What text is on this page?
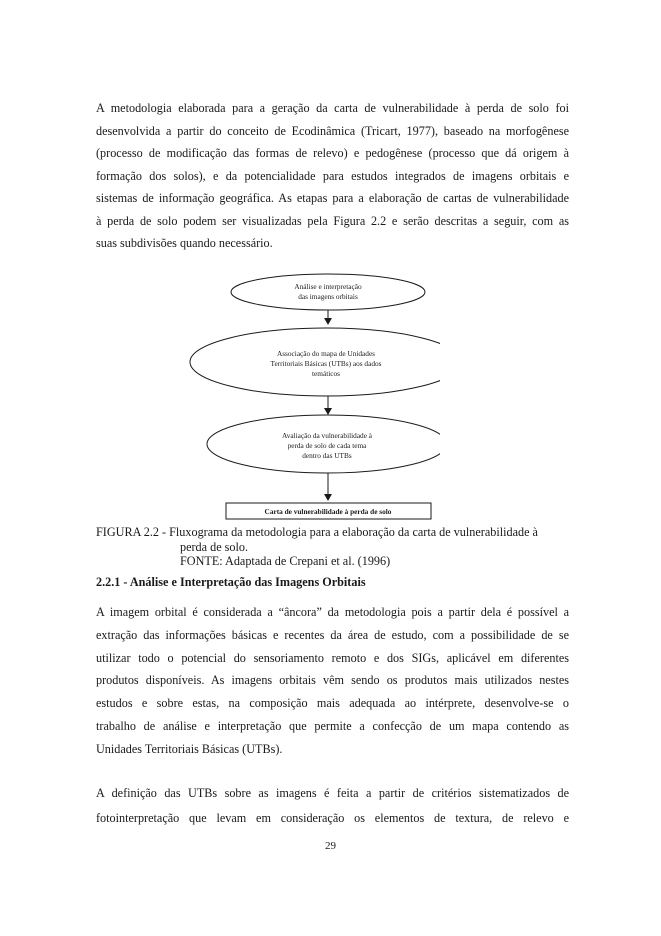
A metodologia elaborada para a geração da carta de vulnerabilidade à perda de solo foi
desenvolvida a partir do conceito de Ecodinâmica (Tricart, 1977), baseado na morfogênese
(processo de modificação das formas de relevo) e pedogênese (processo que dá origem à
formação dos solos), e da potencialidade para estudos integrados de imagens orbitais e
sistemas de informação geográfica. As etapas para a elaboração de cartas de vulnerabilidade
à perda de solo podem ser visualizadas pela Figura 2.2 e serão descritas a seguir, com as
suas subdivisões quando necessário.

Análise e interpretação
das imagens orbitais
Associação do mapa de Unidades
Territoriais Básicas (UTBs) aos dados
temáticos
Avaliação da vulnerabilidade à
perda de solo de cada tema
dentro das UTBs
Carta de vulnerabilidade à perda de solo

FIGURA 2.2 - Fluxograma da metodologia para a elaboração da carta de vulnerabilidade à
perda de solo.

FONTE: Adaptada de Crepani et al. (1996)

2.2.1 - Análise e Interpretação das Imagens Orbitais

A imagem orbital é considerada a “âncora” da metodologia pois a partir dela é possível a
extração das informações básicas e recentes da área de estudo, com a possibilidade de se
utilizar todo o potencial do sensoriamento remoto e dos SIGs, aplicável em diferentes
produtos disponíveis. As imagens orbitais vêm sendo os produtos mais utilizados nestes
estudos e sobre estas, na composição mais adequada ao intérprete, desenvolve-se o
trabalho de análise e interpretação que permite a confecção de um mapa contendo as
Unidades Territoriais Básicas (UTBs).

A definição das UTBs sobre as imagens é feita a partir de critérios sistematizados de
fotointerpretação que levam em consideração os elementos de textura, de relevo e

29
